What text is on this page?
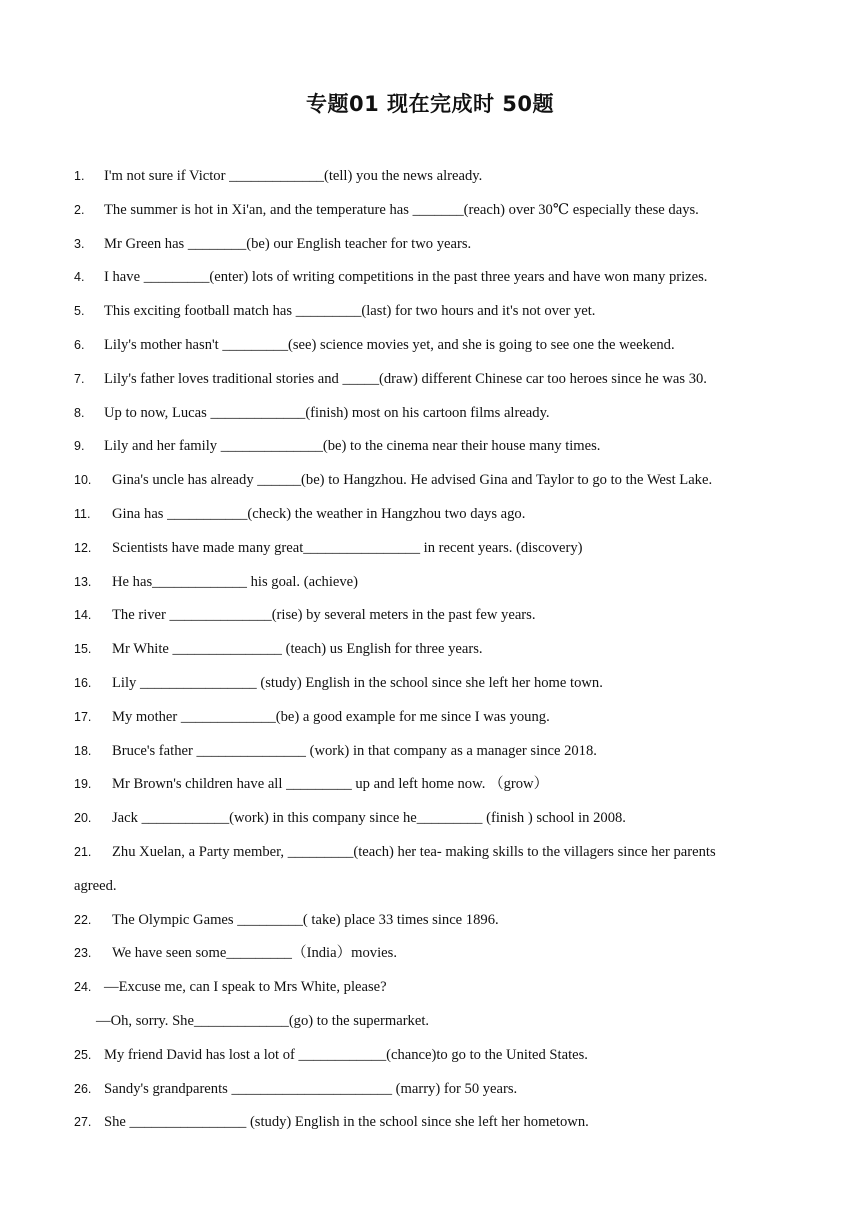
专题01 现在完成时 50题
1. I'm not sure if Victor _____________(tell) you the news already.
2. The summer is hot in Xi'an, and the temperature has _______(reach) over 30℃ especially these days.
3. Mr Green has ________(be) our English teacher for two years.
4. I have _________(enter) lots of writing competitions in the past three years and have won many prizes.
5. This exciting football match has _________(last) for two hours and it's not over yet.
6. Lily's mother hasn't _________(see) science movies yet, and she is going to see one the weekend.
7. Lily's father loves traditional stories and _____(draw) different Chinese car too heroes since he was 30.
8. Up to now, Lucas _____________(finish) most on his cartoon films already.
9. Lily and her family ______________(be) to the cinema near their house many times.
10. Gina's uncle has already ______(be) to Hangzhou. He advised Gina and Taylor to go to the West Lake.
11. Gina has ___________(check) the weather in Hangzhou two days ago.
12. Scientists have made many great________________ in recent years. (discovery)
13. He has_____________ his goal. (achieve)
14. The river ______________(rise) by several meters in the past few years.
15. Mr White _______________ (teach) us English for three years.
16. Lily ________________ (study) English in the school since she left her home town.
17. My mother _____________(be) a good example for me since I was young.
18. Bruce's father _______________ (work) in that company as a manager since 2018.
19. Mr Brown's children have all _________ up and left home now. （grow）
20. Jack ____________(work) in this company since he_________ (finish ) school in 2008.
21. Zhu Xuelan, a Party member, _________(teach) her tea- making skills to the villagers since her parents
agreed.
22. The Olympic Games _________( take) place 33 times since 1896.
23. We have seen some_________（India）movies.
24. —Excuse me, can I speak to Mrs White, please?
—Oh, sorry. She_____________(go) to the supermarket.
25. My friend David has lost a lot of ____________(chance)to go to the United States.
26. Sandy's grandparents ______________________ (marry) for 50 years.
27. She ________________ (study) English in the school since she left her hometown.
